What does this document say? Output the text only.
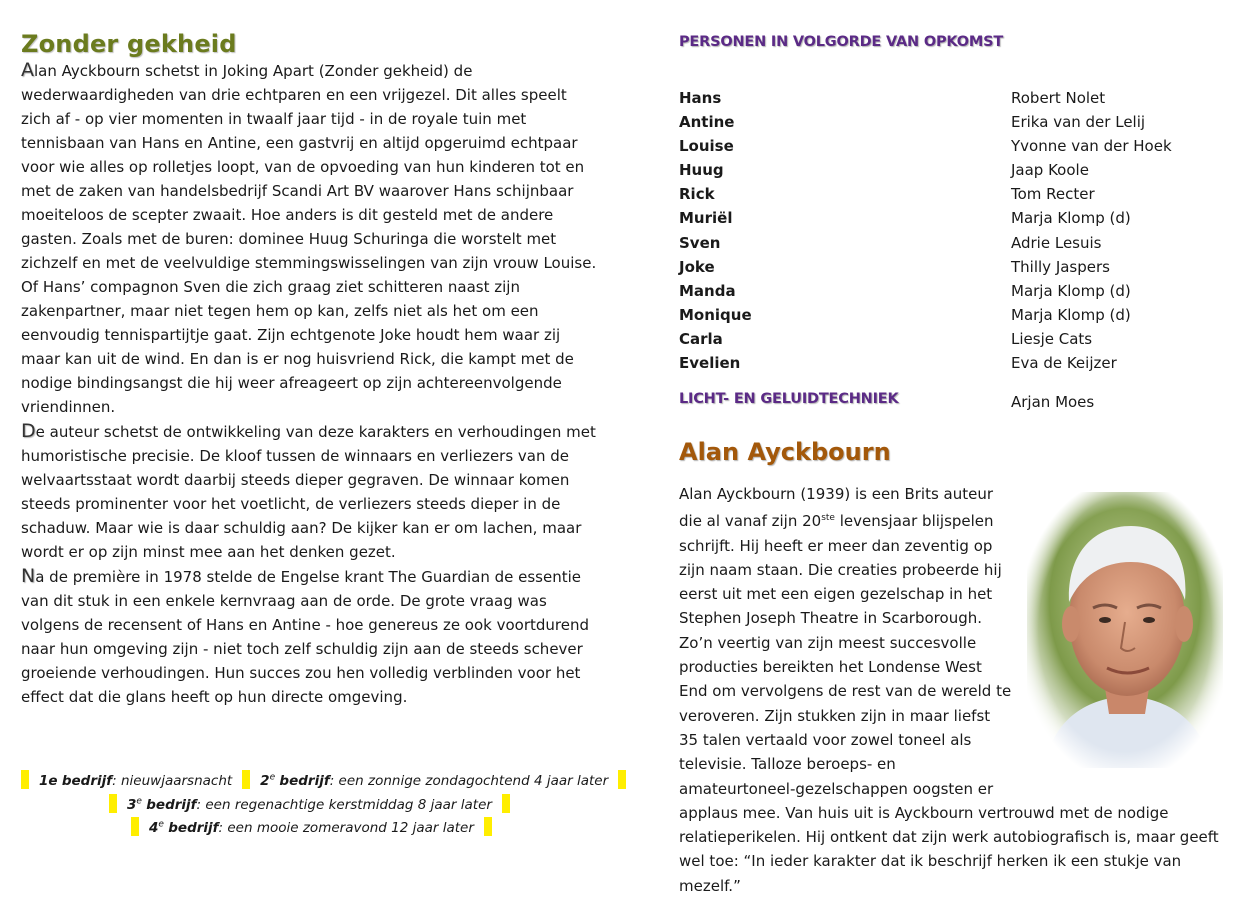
Zonder gekheid

Alan Ayckbourn schetst in Joking Apart (Zonder gekheid) de wederwaardigheden van drie echtparen en een vrijgezel. Dit alles speelt zich af - op vier momenten in twaalf jaar tijd - in de royale tuin met tennisbaan van Hans en Antine, een gastvrij en altijd opgeruimd echtpaar voor wie alles op rolletjes loopt, van de opvoeding van hun kinderen tot en met de zaken van handelsbedrijf Scandi Art BV waarover Hans schijnbaar moeiteloos de scepter zwaait. Hoe anders is dit gesteld met de andere gasten. Zoals met de buren: dominee Huug Schuringa die worstelt met zichzelf en met de veelvuldige stemmingswisselingen van zijn vrouw Louise. Of Hans’ compagnon Sven die zich graag ziet schitteren naast zijn zakenpartner, maar niet tegen hem op kan, zelfs niet als het om een eenvoudig tennispartijtje gaat. Zijn echtgenote Joke houdt hem waar zij maar kan uit de wind. En dan is er nog huisvriend Rick, die kampt met de nodige bindingsangst die hij weer afreageert op zijn achtereenvolgende vriendinnen.

De auteur schetst de ontwikkeling van deze karakters en verhoudingen met humoristische precisie. De kloof tussen de winnaars en verliezers van de welvaartsstaat wordt daarbij steeds dieper gegraven. De winnaar komen steeds prominenter voor het voetlicht, de verliezers steeds dieper in de schaduw. Maar wie is daar schuldig aan? De kijker kan er om lachen, maar wordt er op zijn minst mee aan het denken gezet.

Na de première in 1978 stelde de Engelse krant The Guardian de essentie van dit stuk in een enkele kernvraag aan de orde. De grote vraag was volgens de recensent of Hans en Antine - hoe genereus ze ook voortdurend naar hun omgeving zijn - niet toch zelf schuldig zijn aan de steeds schever groeiende verhoudingen. Hun succes zou hen volledig verblinden voor het effect dat die glans heeft op hun directe omgeving.

1e bedrijf: nieuwjaarsnacht 2e bedrijf: een zonnige zondagochtend 4 jaar later
3e bedrijf: een regenachtige kerstmiddag 8 jaar later
4e bedrijf: een mooie zomeravond 12 jaar later
PERSONEN IN VOLGORDE VAN OPKOMST
Hans	Robert Nolet
Antine	Erika van der Lelij
Louise	Yvonne van der Hoek
Huug	Jaap Koole
Rick	Tom Recter
Muriël	Marja Klomp (d)
Sven	Adrie Lesuis
Joke	Thilly Jaspers
Manda	Marja Klomp (d)
Monique	Marja Klomp (d)
Carla	Liesje Cats
Evelien	Eva de Keijzer
LICHT- EN GELUIDTECHNIEK	Arjan Moes
Alan Ayckbourn
Alan Ayckbourn (1939) is een Brits auteur die al vanaf zijn 20ste levensjaar blijspelen schrijft. Hij heeft er meer dan zeventig op zijn naam staan. Die creaties probeerde hij eerst uit met een eigen gezelschap in het Stephen Joseph Theatre in Scarborough. Zo’n veertig van zijn meest succesvolle producties bereikten het Londense West End om vervolgens de rest van de wereld te veroveren. Zijn stukken zijn in maar liefst 35 talen vertaald voor zowel toneel als televisie. Talloze beroeps- en amateurtoneel-gezelschappen oogsten er
applaus mee. Van huis uit is Ayckbourn vertrouwd met de nodige relatieperikelen. Hij ontkent dat zijn werk autobiografisch is, maar geeft wel toe: “In ieder karakter dat ik beschrijf herken ik een stukje van mezelf.”
